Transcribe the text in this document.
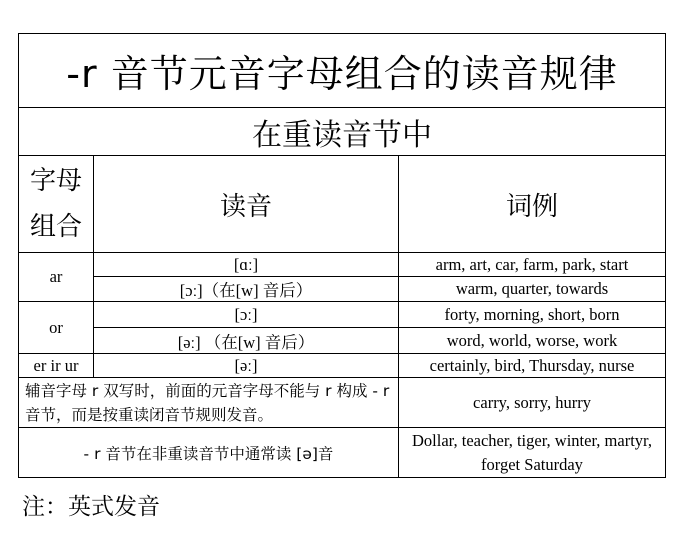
-r 音节元音字母组合的读音规律		
在重读音节中		

字母
组合	读音	词例
ar	[ɑː]	arm, art, car, farm, park, start
	[ɔː]（在[w] 音后）	warm, quarter, towards
or	[ɔː]	forty, morning, short, born
	[əː] （在[w] 音后）	word, world, worse, work
er ir ur	[əː]	certainly, bird, Thursday, nurse
辅音字母 r 双写时，前面的元音字母不能与 r 构成 - r 音节，而是按重读闭音节规则发音。		carry, sorry, hurry
- r 音节在非重读音节中通常读 [ə]音		Dollar, teacher, tiger, winter, martyr, forget Saturday
注：英式发音
